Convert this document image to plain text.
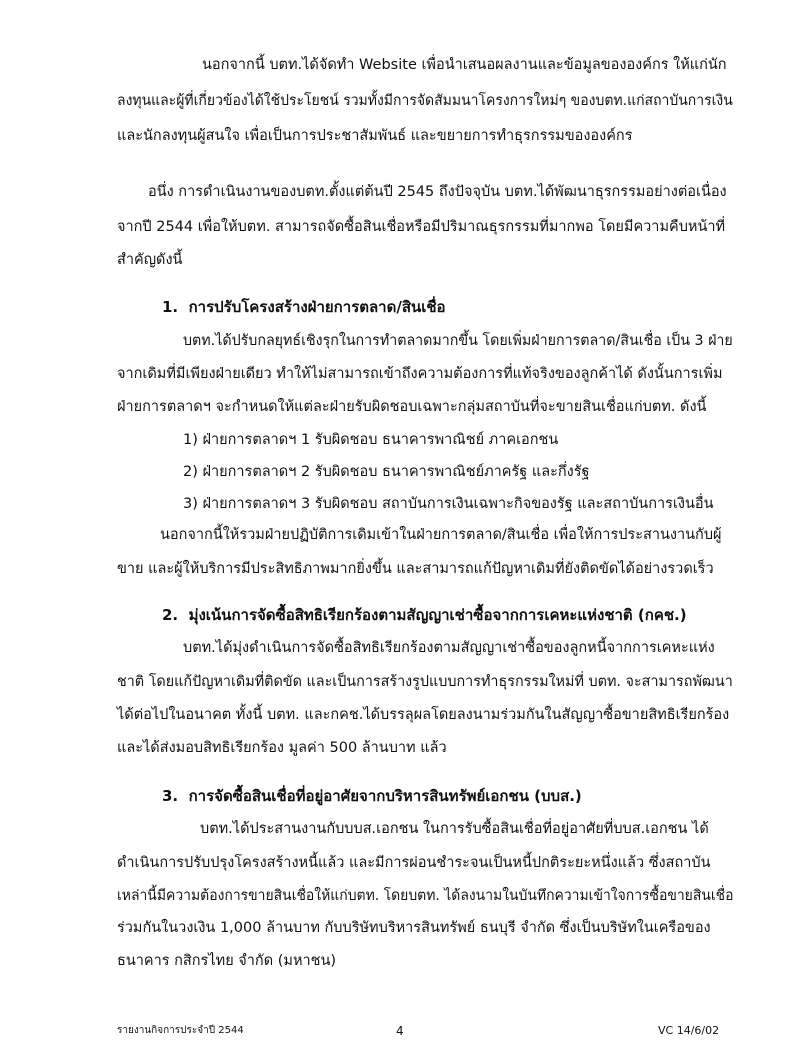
นอกจากนี้ บตท.ได้จัดทำ Website เพื่อนำเสนอผลงานและข้อมูลขององค์กร ให้แก่นัก
ลงทุนและผู้ที่เกี่ยวข้องได้ใช้ประโยชน์ รวมทั้งมีการจัดสัมมนาโครงการใหม่ๆ ของบตท.แก่สถาบันการเงิน
และนักลงทุนผู้สนใจ เพื่อเป็นการประชาสัมพันธ์ และขยายการทำธุรกรรมขององค์กร
อนึ่ง การดำเนินงานของบตท.ตั้งแต่ต้นปี 2545 ถึงปัจจุบัน บตท.ได้พัฒนาธุรกรรมอย่างต่อเนื่อง
จากปี 2544 เพื่อให้บตท. สามารถจัดซื้อสินเชื่อหรือมีปริมาณธุรกรรมที่มากพอ โดยมีความคืบหน้าที่
สำคัญดังนี้
1. การปรับโครงสร้างฝ่ายการตลาด/สินเชื่อ
บตท.ได้ปรับกลยุทธ์เชิงรุกในการทำตลาดมากขึ้น โดยเพิ่มฝ่ายการตลาด/สินเชื่อ เป็น 3 ฝ่าย
จากเดิมที่มีเพียงฝ่ายเดียว ทำให้ไม่สามารถเข้าถึงความต้องการที่แท้จริงของลูกค้าได้ ดังนั้นการเพิ่ม
ฝ่ายการตลาดฯ จะกำหนดให้แต่ละฝ่ายรับผิดชอบเฉพาะกลุ่มสถาบันที่จะขายสินเชื่อแก่บตท. ดังนี้
1) ฝ่ายการตลาดฯ 1 รับผิดชอบ ธนาคารพาณิชย์ ภาคเอกชน
2) ฝ่ายการตลาดฯ 2 รับผิดชอบ ธนาคารพาณิชย์ภาครัฐ และกึ่งรัฐ
3) ฝ่ายการตลาดฯ 3 รับผิดชอบ สถาบันการเงินเฉพาะกิจของรัฐ และสถาบันการเงินอื่น
นอกจากนี้ให้รวมฝ่ายปฏิบัติการเดิมเข้าในฝ่ายการตลาด/สินเชื่อ เพื่อให้การประสานงานกับผู้
ขาย และผู้ให้บริการมีประสิทธิภาพมากยิ่งขึ้น และสามารถแก้ปัญหาเดิมที่ยังติดขัดได้อย่างรวดเร็ว
2. มุ่งเน้นการจัดซื้อสิทธิเรียกร้องตามสัญญาเช่าซื้อจากการเคหะแห่งชาติ (กคช.)
บตท.ได้มุ่งดำเนินการจัดซื้อสิทธิเรียกร้องตามสัญญาเช่าซื้อของลูกหนี้จากการเคหะแห่ง
ชาติ โดยแก้ปัญหาเดิมที่ติดขัด และเป็นการสร้างรูปแบบการทำธุรกรรมใหม่ที่ บตท. จะสามารถพัฒนา
ได้ต่อไปในอนาคต ทั้งนี้ บตท. และกคช.ได้บรรลุผลโดยลงนามร่วมกันในสัญญาซื้อขายสิทธิเรียกร้อง
และได้ส่งมอบสิทธิเรียกร้อง มูลค่า 500 ล้านบาท แล้ว
3. การจัดซื้อสินเชื่อที่อยู่อาศัยจากบริหารสินทรัพย์เอกชน (บบส.)
บตท.ได้ประสานงานกับบบส.เอกชน ในการรับซื้อสินเชื่อที่อยู่อาศัยที่บบส.เอกชน ได้
ดำเนินการปรับปรุงโครงสร้างหนี้แล้ว และมีการผ่อนชำระจนเป็นหนี้ปกติระยะหนึ่งแล้ว ซึ่งสถาบัน
เหล่านี้มีความต้องการขายสินเชื่อให้แก่บตท. โดยบตท. ได้ลงนามในบันทึกความเข้าใจการซื้อขายสินเชื่อ
ร่วมกันในวงเงิน 1,000 ล้านบาท กับบริษัทบริหารสินทรัพย์ ธนบุรี จำกัด ซึ่งเป็นบริษัทในเครือของ
ธนาคาร กสิกรไทย จำกัด (มหาชน)
รายงานกิจการประจำปี 2544	4	VC 14/6/02
